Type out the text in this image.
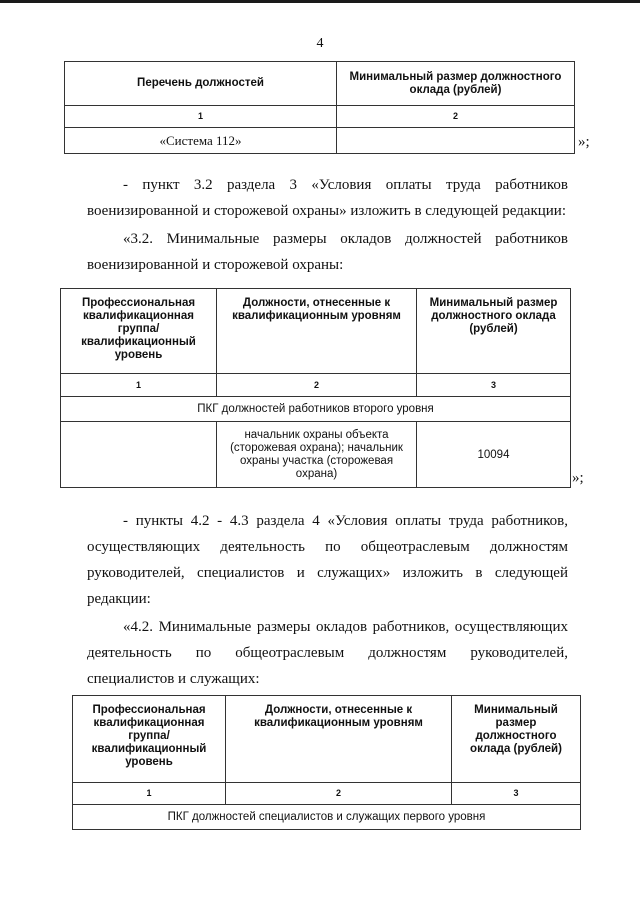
4
Перечень должностей	Минимальный размер должностного оклада (рублей)
1	2
«Система 112»		»;
- пункт 3.2 раздела 3 «Условия оплаты труда работников военизированной и сторожевой охраны» изложить в следующей редакции:
«3.2. Минимальные размеры окладов должностей работников военизированной и сторожевой охраны:
Профессиональная квалификационная группа/ квалификационный уровень	Должности, отнесенные к квалификационным уровням	Минимальный размер должностного оклада (рублей)
1	2	3
ПКГ должностей работников второго уровня		
	начальник охраны объекта (сторожевая охрана); начальник охраны участка (сторожевая охрана)	10094
»;
- пункты 4.2 - 4.3 раздела 4 «Условия оплаты труда работников, осуществляющих деятельность по общеотраслевым должностям руководителей, специалистов и служащих» изложить в следующей редакции:
«4.2. Минимальные размеры окладов работников, осуществляющих деятельность по общеотраслевым должностям руководителей, специалистов и служащих:
Профессиональная квалификационная группа/ квалификационный уровень	Должности, отнесенные к квалификационным уровням	Минимальный размер должностного оклада (рублей)
1	2	3
ПКГ должностей специалистов и служащих первого уровня		
